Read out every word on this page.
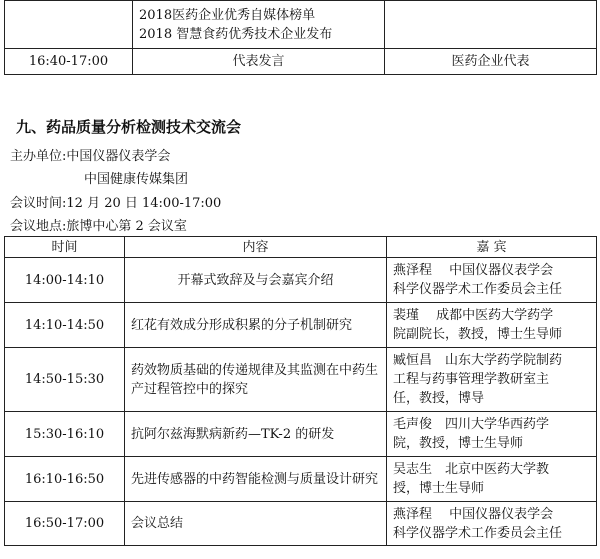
	2018医药企业优秀自媒体榜单
2018 智慧食药优秀技术企业发布	

16:40-17:00	代表发言	医药企业代表
九、药品质量分析检测技术交流会
主办单位:中国仪器仪表学会
中国健康传媒集团
会议时间:12 月 20 日 14:00-17:00
会议地点:旅博中心第 2 会议室
时间	内容	嘉 宾
14:00-14:10	开幕式致辞及与会嘉宾介绍	燕泽程　 中国仪器仪表学会
科学仪器学术工作委员会主任

14:10-14:50	红花有效成分形成积累的分子机制研究	裴瑾　 成都中医药大学药学
院副院长，教授，博士生导师

14:50-15:30	药效物质基础的传递规律及其监测在中药生产过程管控中的探究	臧恒昌　山东大学药学院制药
工程与药事管理学教研室主
任，教授，博导

15:30-16:10	抗阿尔兹海默病新药—TK-2 的研发	毛声俊　四川大学华西药学
院，教授，博士生导师

16:10-16:50	先进传感器的中药智能检测与质量设计研究	吴志生　北京中医药大学教
授，博士生导师

16:50-17:00	会议总结	燕泽程　 中国仪器仪表学会
科学仪器学术工作委员会主任
